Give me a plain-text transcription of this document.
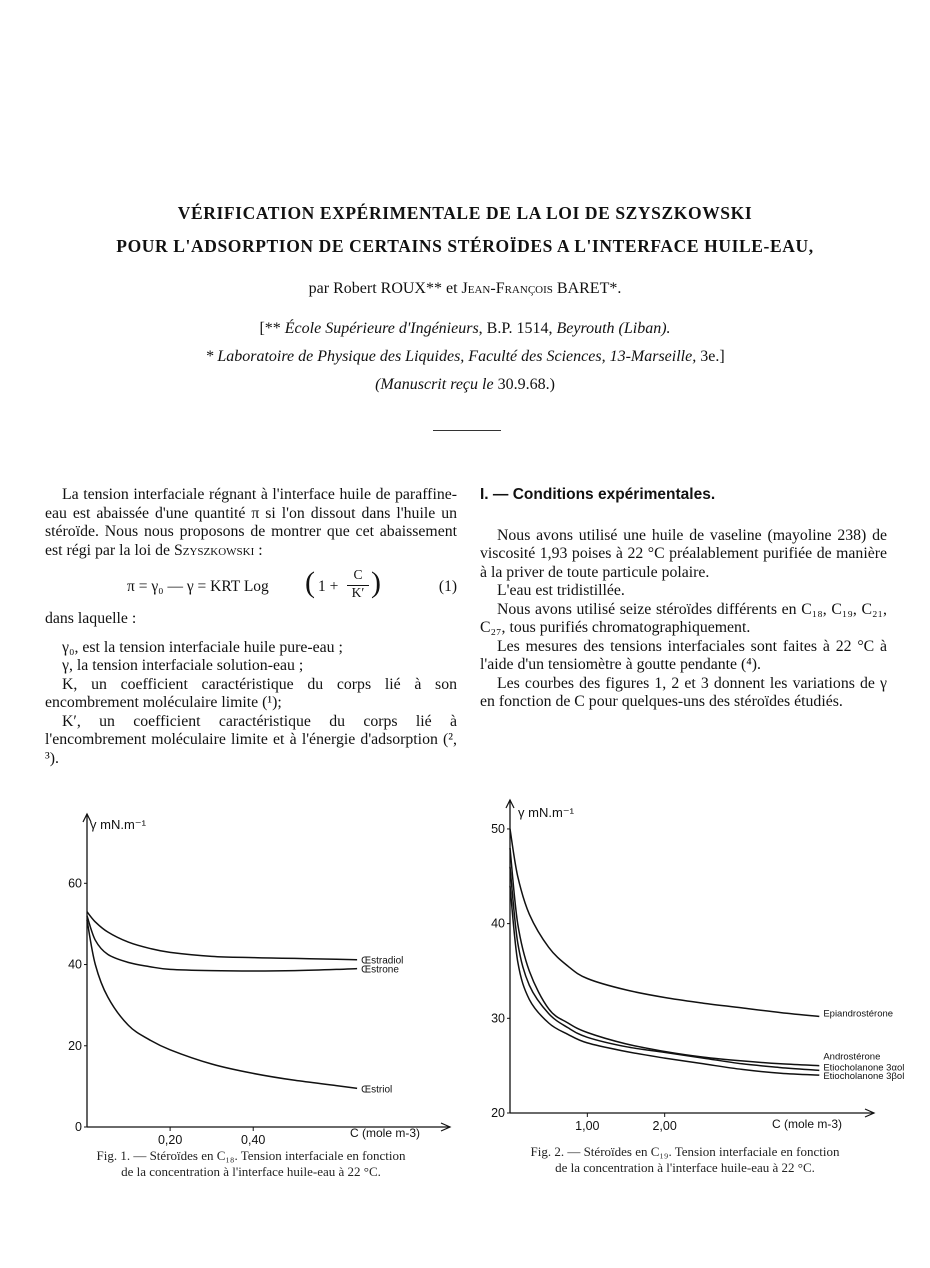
VÉRIFICATION EXPÉRIMENTALE DE LA LOI DE SZYSZKOWSKI
POUR L'ADSORPTION DE CERTAINS STÉROÏDES A L'INTERFACE HUILE-EAU,
par Robert ROUX** et Jean-François BARET*.
[** École Supérieure d'Ingénieurs, B.P. 1514, Beyrouth (Liban).
* Laboratoire de Physique des Liquides, Faculté des Sciences, 13-Marseille, 3e.]
(Manuscrit reçu le 30.9.68.)

La tension interfaciale régnant à l'interface huile de paraffine-eau est abaissée d'une quantité π si l'on dissout dans l'huile un stéroïde. Nous nous proposons de montrer que cet abaissement est régi par la loi de Szyszkowski :

π = γ₀ — γ = KRT Log ( 1 +
C
K′ )	(1)

dans laquelle :

γ₀, est la tension interfaciale huile pure-eau ;

γ, la tension interfaciale solution-eau ;

K, un coefficient caractéristique du corps lié à son encombrement moléculaire limite (¹);

K′, un coefficient caractéristique du corps lié à l'encombrement moléculaire limite et à l'énergie d'adsorption (², ³).

I. — Conditions expérimentales.

Nous avons utilisé une huile de vaseline (mayoline 238) de viscosité 1,93 poises à 22 °C préalablement purifiée de manière à la priver de toute particule polaire.

L'eau est tridistillée.

Nous avons utilisé seize stéroïdes différents en C₁₈, C₁₉, C₂₁, C₂₇, tous purifiés chromatographiquement.

Les mesures des tensions interfaciales sont faites à 22 °C à l'aide d'un tensiomètre à goutte pendante (⁴).

Les courbes des figures 1, 2 et 3 donnent les variations de γ en fonction de C pour quelques-uns des stéroïdes étudiés.

γ mN.m⁻¹
C (mole m-3)
0
20
40
60
0,20	0,40
Œstradiol
Œstrone
Œstriol
Fig. 1. — Stéroïdes en C₁₈. Tension interfaciale en fonction
de la concentration à l'interface huile-eau à 22 °C.
γ mN.m⁻¹
C (mole m-3)
20
30
40
50
1,00	2,00
Epiandrostérone
Androstérone
Etiocholanone 3αol
Etiocholanone 3βol
Fig. 2. — Stéroïdes en C₁₉. Tension interfaciale en fonction
de la concentration à l'interface huile-eau à 22 °C.
